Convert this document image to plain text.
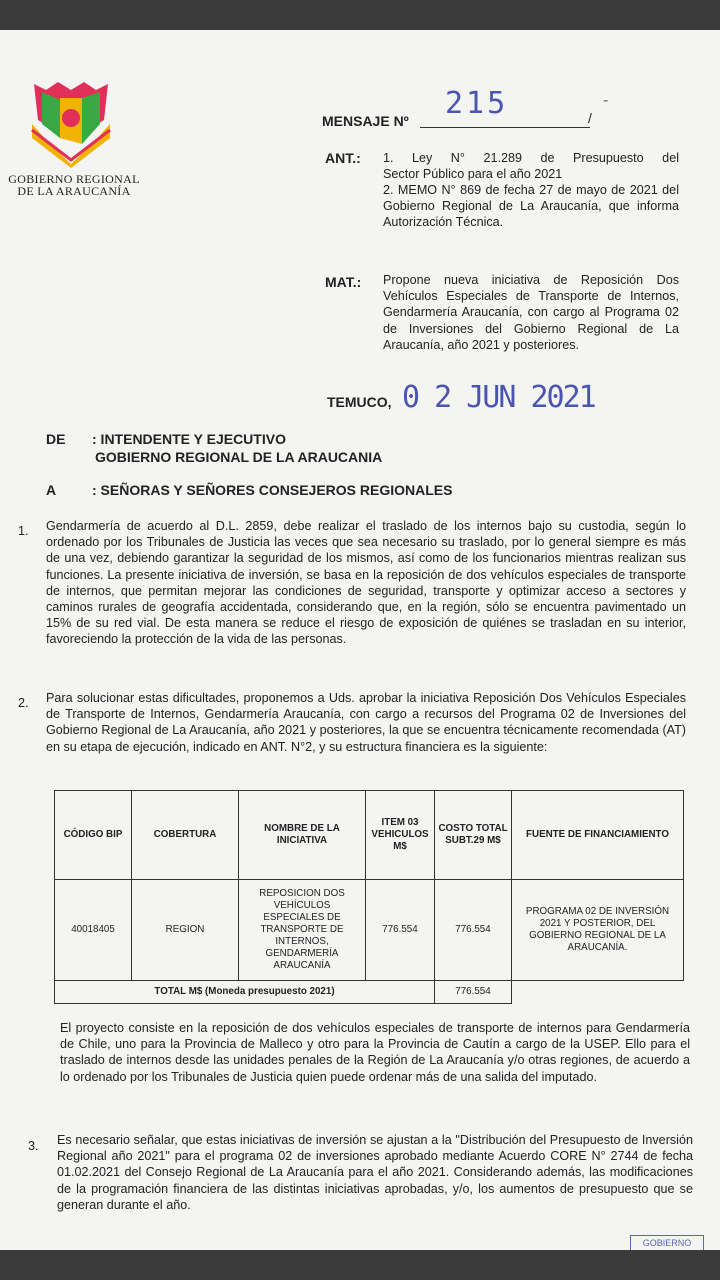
GOBIERNO REGIONAL
DE LA ARAUCANÍA
215	-
MENSAJE Nº	/
ANT.: 1. Ley N° 21.289 de Presupuesto del
Sector Público para el año 2021
2. MEMO N° 869 de fecha 27 de mayo de 2021 del Gobierno Regional de La Araucanía, que informa Autorización Técnica.
MAT.: Propone nueva iniciativa de Reposición Dos Vehículos Especiales de Transporte de Internos, Gendarmería Araucanía, con cargo al Programa 02 de Inversiones del Gobierno Regional de La Araucanía, año 2021 y posteriores.
TEMUCO, 0 2 JUN 2021
DE : INTENDENTE Y EJECUTIVO
GOBIERNO REGIONAL DE LA ARAUCANIA
A	: SEÑORAS Y SEÑORES CONSEJEROS REGIONALES
1. Gendarmería de acuerdo al D.L. 2859, debe realizar el traslado de los internos bajo su custodia, según lo ordenado por los Tribunales de Justicia las veces que sea necesario su traslado, por lo general siempre es más de una vez, debiendo garantizar la seguridad de los mismos, así como de los funcionarios mientras realizan sus funciones. La presente iniciativa de inversión, se basa en la reposición de dos vehículos especiales de transporte de internos, que permitan mejorar las condiciones de seguridad, transporte y optimizar acceso a sectores y caminos rurales de geografía accidentada, considerando que, en la región, sólo se encuentra pavimentado un 15% de su red vial. De esta manera se reduce el riesgo de exposición de quiénes se trasladan en su interior, favoreciendo la protección de la vida de las personas.
2. Para solucionar estas dificultades, proponemos a Uds. aprobar la iniciativa Reposición Dos Vehículos Especiales de Transporte de Internos, Gendarmería Araucanía, con cargo a recursos del Programa 02 de Inversiones del Gobierno Regional de La Araucanía, año 2021 y posteriores, la que se encuentra técnicamente recomendada (AT) en su etapa de ejecución, indicado en ANT. N°2, y su estructura financiera es la siguiente:
CÓDIGO BIP	COBERTURA	NOMBRE DE LA INICIATIVA	ITEM 03 VEHICULOS M$	COSTO TOTAL SUBT.29 M$	FUENTE DE FINANCIAMIENTO
40018405	REGION	REPOSICION DOS VEHÍCULOS ESPECIALES DE TRANSPORTE DE INTERNOS, GENDARMERÍA ARAUCANÍA	776.554	776.554	PROGRAMA 02 DE INVERSIÓN 2021 Y POSTERIOR, DEL GOBIERNO REGIONAL DE LA ARAUCANÍA.
TOTAL M$ (Moneda presupuesto 2021)				776.554	
El proyecto consiste en la reposición de dos vehículos especiales de transporte de internos para Gendarmería de Chile, uno para la Provincia de Malleco y otro para la Provincia de Cautín a cargo de la USEP. Ello para el traslado de internos desde las unidades penales de la Región de La Araucanía y/o otras regiones, de acuerdo a lo ordenado por los Tribunales de Justicia quien puede ordenar más de una salida del imputado.
3. Es necesario señalar, que estas iniciativas de inversión se ajustan a la "Distribución del Presupuesto de Inversión Regional año 2021" para el programa 02 de inversiones aprobado mediante Acuerdo CORE N° 2744 de fecha 01.02.2021 del Consejo Regional de La Araucanía para el año 2021. Considerando además, las modificaciones de la programación financiera de las distintas iniciativas aprobadas, y/o, los aumentos de presupuesto que se generan durante el año.
GOBIERNO
